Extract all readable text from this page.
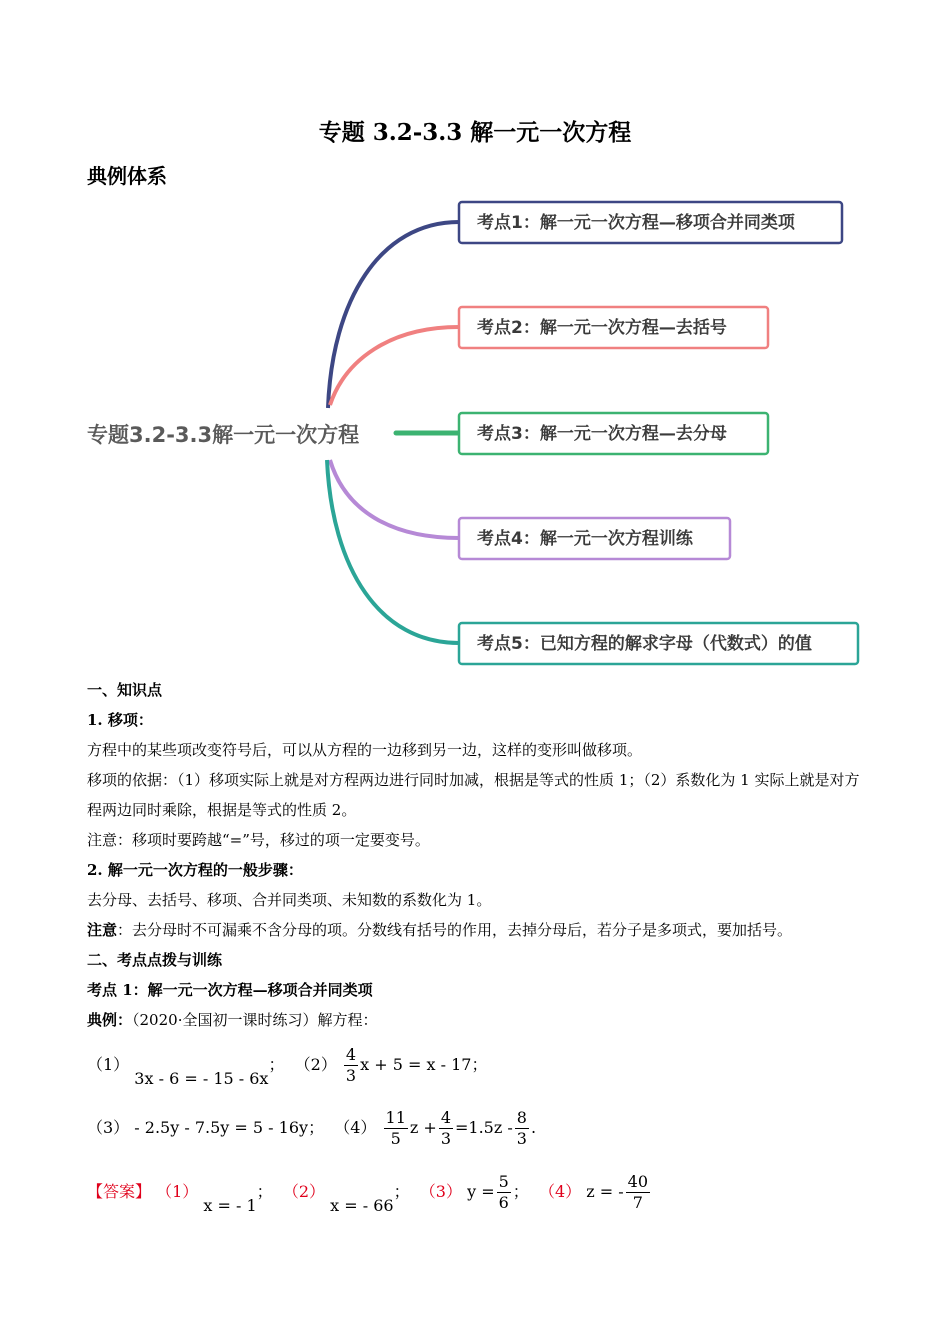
专题 3.2-3.3 解一元一次方程
典例体系
专题3.2-3.3解一元一次方程
考点1：解一元一次方程—移项合并同类项
考点2：解一元一次方程—去括号
考点3：解一元一次方程—去分母
考点4：解一元一次方程训练
考点5：已知方程的解求字母（代数式）的值
一、知识点
1. 移项：
方程中的某些项改变符号后，可以从方程的一边移到另一边，这样的变形叫做移项。
移项的依据：（1）移项实际上就是对方程两边进行同时加减，根据是等式的性质 1；（2）系数化为 1 实际上就是对方程两边同时乘除，根据是等式的性质 2。
注意：移项时要跨越“=”号，移过的项一定要变号。
2. 解一元一次方程的一般步骤：
去分母、去括号、移项、合并同类项、未知数的系数化为 1。
注意：去分母时不可漏乘不含分母的项。分数线有括号的作用，去掉分母后，若分子是多项式，要加括号。
二、考点点拨与训练
考点 1：解一元一次方程—移项合并同类项
典例：（2020·全国初一课时练习）解方程：
（1） 3x - 6 = - 15 - 6x； $(2) \frac{4}{3}$ x + 5 = x - 17；
（3） - 2.5y - 7.5y = 5 - 16y； $(4) \frac{11}{5}$ $z + \frac{4}{3} =1.5z - \frac{8}{3}$ .
【答案】 （1） x = - 1； （2） x = - 66； （3） $y = \frac{5}{6}$ ； （4） z = - $\frac{40}{7}$
